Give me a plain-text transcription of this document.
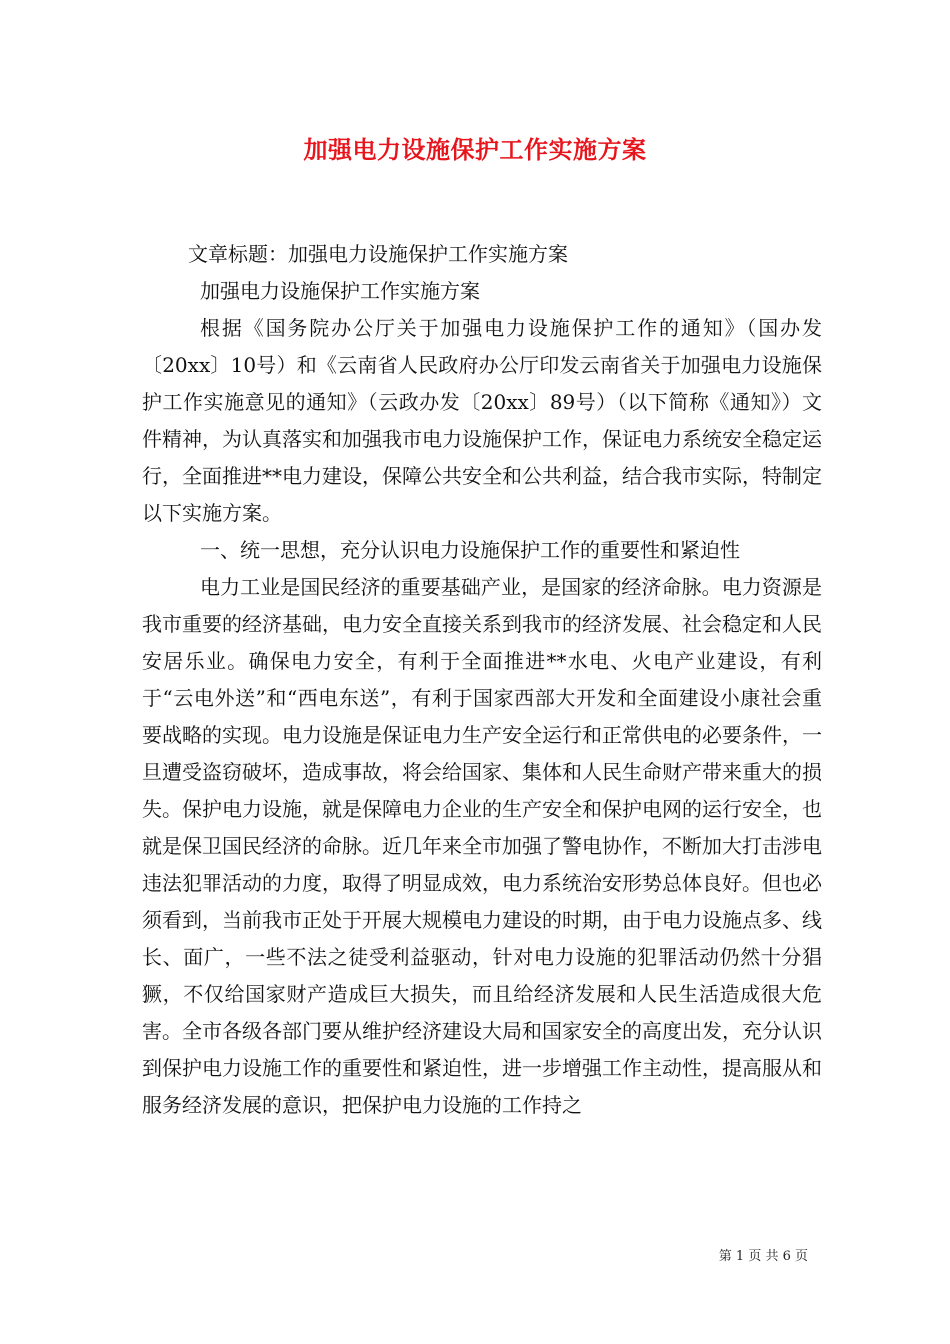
加强电力设施保护工作实施方案
文章标题：加强电力设施保护工作实施方案
加强电力设施保护工作实施方案

根据《国务院办公厅关于加强电力设施保护工作的通知》（国办发〔20xx〕10号）和《云南省人民政府办公厅印发云南省关于加强电力设施保护工作实施意见的通知》（云政办发〔20xx〕89号）（以下简称《通知》）文件精神，为认真落实和加强我市电力设施保护工作，保证电力系统安全稳定运行，全面推进**电力建设，保障公共安全和公共利益，结合我市实际，特制定以下实施方案。

一、统一思想，充分认识电力设施保护工作的重要性和紧迫性

电力工业是国民经济的重要基础产业，是国家的经济命脉。电力资源是我市重要的经济基础，电力安全直接关系到我市的经济发展、社会稳定和人民安居乐业。确保电力安全，有利于全面推进**水电、火电产业建设，有利于“云电外送”和“西电东送”，有利于国家西部大开发和全面建设小康社会重要战略的实现。电力设施是保证电力生产安全运行和正常供电的必要条件，一旦遭受盗窃破坏，造成事故，将会给国家、集体和人民生命财产带来重大的损失。保护电力设施，就是保障电力企业的生产安全和保护电网的运行安全，也就是保卫国民经济的命脉。近几年来全市加强了警电协作，不断加大打击涉电违法犯罪活动的力度，取得了明显成效，电力系统治安形势总体良好。但也必须看到，当前我市正处于开展大规模电力建设的时期，由于电力设施点多、线长、面广，一些不法之徒受利益驱动，针对电力设施的犯罪活动仍然十分猖獗，不仅给国家财产造成巨大损失，而且给经济发展和人民生活造成很大危害。全市各级各部门要从维护经济建设大局和国家安全的高度出发，充分认识到保护电力设施工作的重要性和紧迫性，进一步增强工作主动性，提高服从和服务经济发展的意识，把保护电力设施的工作持之

第 1 页 共 6 页
